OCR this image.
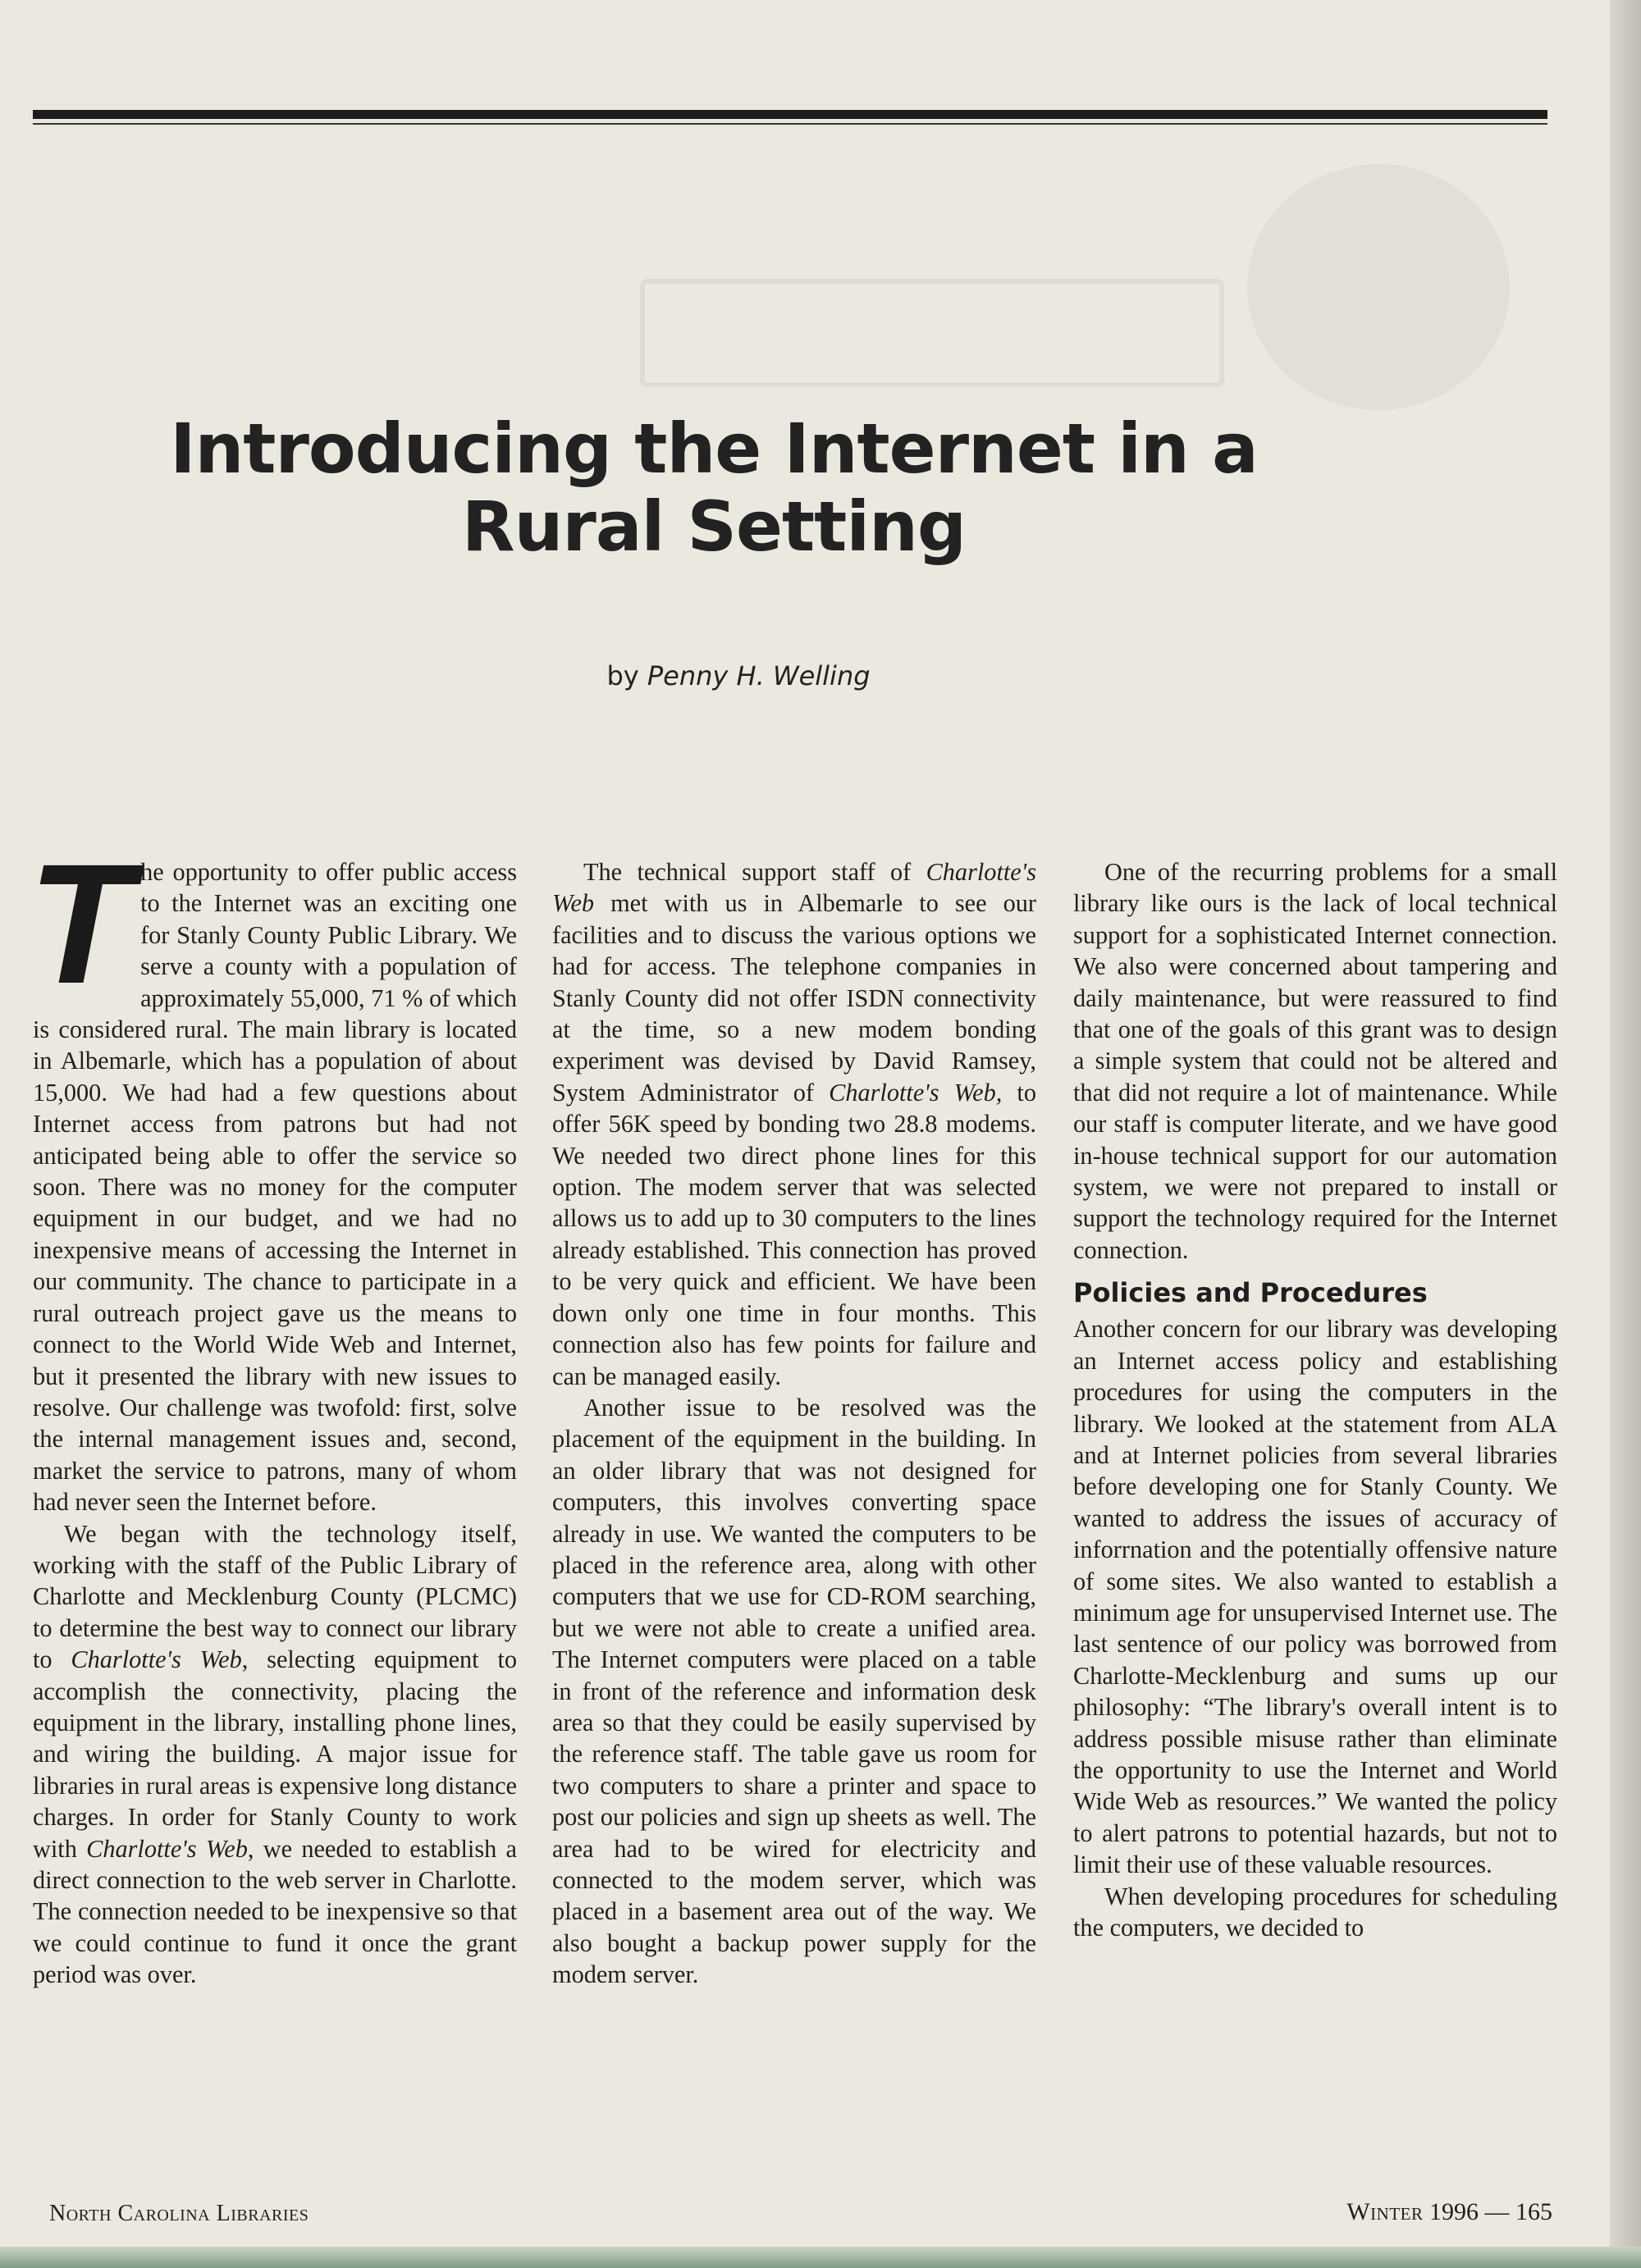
Introducing the Internet in a Rural Setting
by Penny H. Welling

The opportunity to offer public access to the Internet was an exciting one for Stanly County Public Library. We serve a county with a population of approximately 55,000, 71 % of which is considered rural. The main library is located in Albemarle, which has a population of about 15,000. We had had a few questions about Internet access from patrons but had not anticipated being able to offer the service so soon. There was no money for the computer equipment in our budget, and we had no inexpensive means of accessing the Internet in our community. The chance to participate in a rural outreach project gave us the means to connect to the World Wide Web and Internet, but it presented the library with new issues to resolve. Our challenge was twofold: first, solve the internal management issues and, second, market the service to patrons, many of whom had never seen the Internet before.

We began with the technology itself, working with the staff of the Public Library of Charlotte and Mecklenburg County (PLCMC) to determine the best way to connect our library to Charlotte's Web, selecting equipment to accomplish the connectivity, placing the equipment in the library, installing phone lines, and wiring the building. A major issue for libraries in rural areas is expensive long distance charges. In order for Stanly County to work with Charlotte's Web, we needed to establish a direct connection to the web server in Charlotte. The connection needed to be inexpensive so that we could continue to fund it once the grant period was over.

The technical support staff of Charlotte's Web met with us in Albemarle to see our facilities and to discuss the various options we had for access. The telephone companies in Stanly County did not offer ISDN connectivity at the time, so a new modem bonding experiment was devised by David Ramsey, System Administrator of Charlotte's Web, to offer 56K speed by bonding two 28.8 modems. We needed two direct phone lines for this option. The modem server that was selected allows us to add up to 30 computers to the lines already established. This connection has proved to be very quick and efficient. We have been down only one time in four months. This connection also has few points for failure and can be managed easily.

Another issue to be resolved was the placement of the equipment in the building. In an older library that was not designed for computers, this involves converting space already in use. We wanted the computers to be placed in the reference area, along with other computers that we use for CD-ROM searching, but we were not able to create a unified area. The Internet computers were placed on a table in front of the reference and information desk area so that they could be easily supervised by the reference staff. The table gave us room for two computers to share a printer and space to post our policies and sign up sheets as well. The area had to be wired for electricity and connected to the modem server, which was placed in a basement area out of the way. We also bought a backup power supply for the modem server.

One of the recurring problems for a small library like ours is the lack of local technical support for a sophisticated Internet connection. We also were concerned about tampering and daily maintenance, but were reassured to find that one of the goals of this grant was to design a simple system that could not be altered and that did not require a lot of maintenance. While our staff is computer literate, and we have good in-house technical support for our automation system, we were not prepared to install or support the technology required for the Internet connection.

Policies and Procedures

Another concern for our library was developing an Internet access policy and establishing procedures for using the computers in the library. We looked at the statement from ALA and at Internet policies from several libraries before developing one for Stanly County. We wanted to address the issues of accuracy of inforrnation and the potentially offensive nature of some sites. We also wanted to establish a minimum age for unsupervised Internet use. The last sentence of our policy was borrowed from Charlotte-Mecklenburg and sums up our philosophy: “The library's overall intent is to address possible misuse rather than eliminate the opportunity to use the Internet and World Wide Web as resources.” We wanted the policy to alert patrons to potential hazards, but not to limit their use of these valuable resources.

When developing procedures for scheduling the computers, we decided to

North Carolina Libraries	Winter 1996 — 165
